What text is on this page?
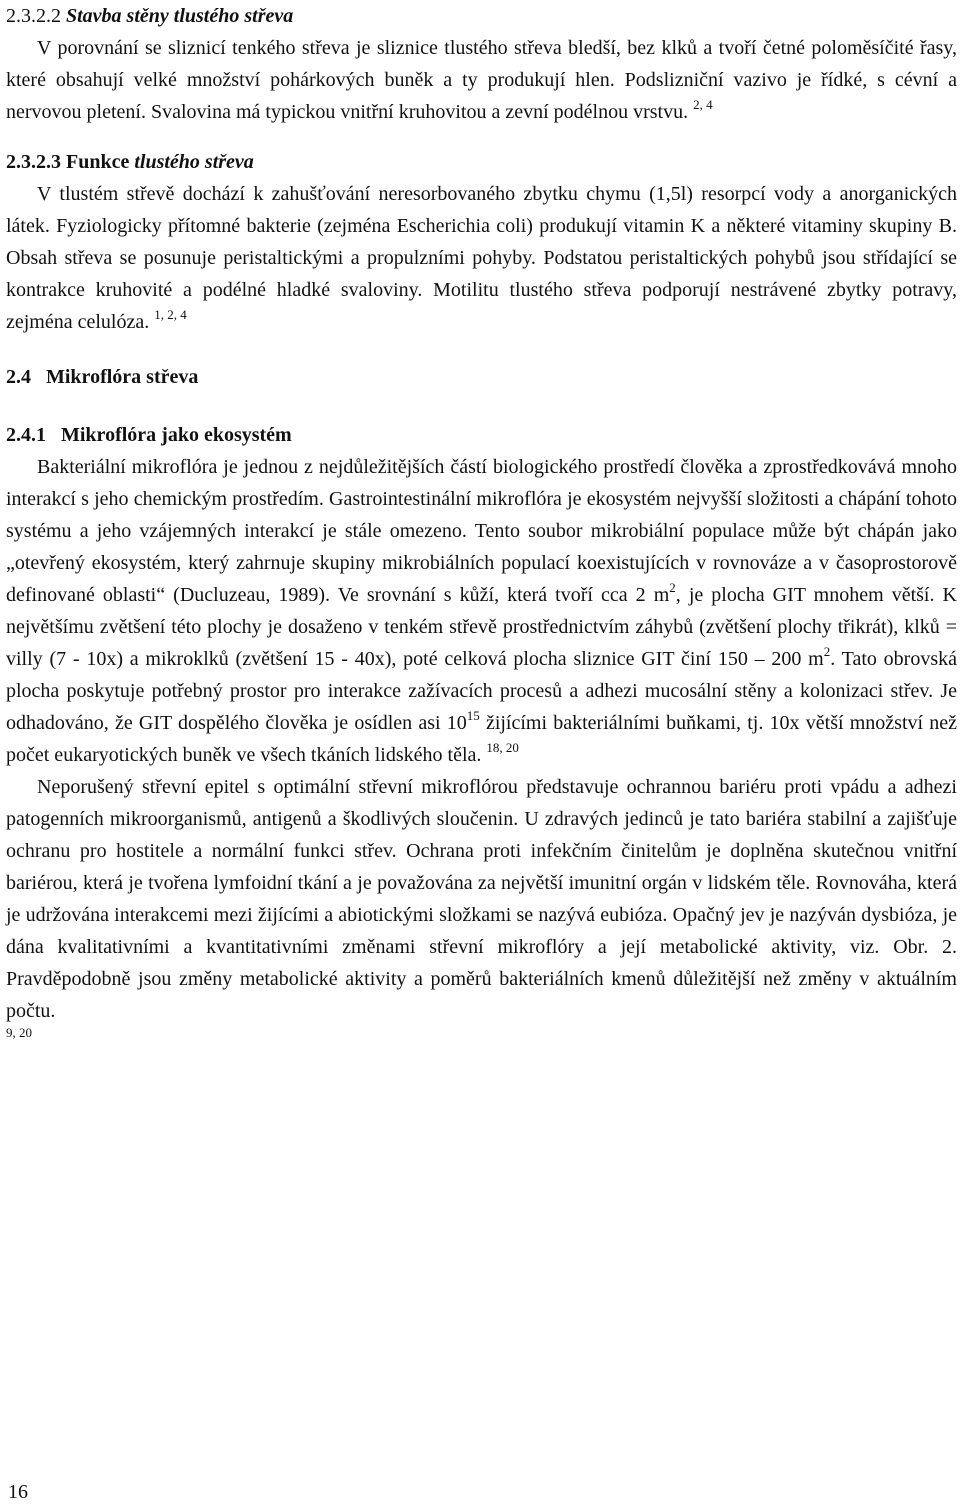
2.3.2.2 Stavba stěny tlustého střeva

V porovnání se sliznicí tenkého střeva je sliznice tlustého střeva bledší, bez klků a tvoří četné poloměsíčité řasy, které obsahují velké množství pohárkových buněk a ty produkují hlen. Podslizniční vazivo je řídké, s cévní a nervovou pletení. Svalovina má typickou vnitřní kruhovitou a zevní podélnou vrstvu. $^{2, 4}$

2.3.2.3 Funkce tlustého střeva

V tlustém střevě dochází k zahušťování neresorbovaného zbytku chymu (1,5l) resorpcí vody a anorganických látek. Fyziologicky přítomné bakterie (zejména Escherichia coli) produkují vitamin K a některé vitaminy skupiny B. Obsah střeva se posunuje peristaltickými a propulzními pohyby. Podstatou peristaltických pohybů jsou střídající se kontrakce kruhovité a podélné hladké svaloviny. Motilitu tlustého střeva podporují nestrávené zbytky potravy, zejména celulóza. $^{1, 2, 4}$

2.4 Mikroflóra střeva
2.4.1 Mikroflóra jako ekosystém

Bakteriální mikroflóra je jednou z nejdůležitějších částí biologického prostředí člověka a zprostředkovává mnoho interakcí s jeho chemickým prostředím. Gastrointestinální mikroflóra je ekosystém nejvyšší složitosti a chápání tohoto systému a jeho vzájemných interakcí je stále omezeno. Tento soubor mikrobiální populace může být chápán jako „otevřený ekosystém, který zahrnuje skupiny mikrobiálních populací koexistujících v rovnováze a v časoprostorově definované oblasti“ (Ducluzeau, 1989). Ve srovnání s kůží, která tvoří cca 2 $m^2$, je plocha GIT mnohem větší. K největšímu zvětšení této plochy je dosaženo v tenkém střevě prostřednictvím záhybů (zvětšení plochy třikrát), klků = villy (7 - 10x) a mikroklků (zvětšení 15 - 40x), poté celková plocha sliznice GIT činí 150 – 200 $m^2$. Tato obrovská plocha poskytuje potřebný prostor pro interakce zažívacích procesů a adhezi mucosální stěny a kolonizaci střev. Je odhadováno, že GIT dospělého člověka je osídlen asi $10^{15}$ žijícími bakteriálními buňkami, tj. 10x větší množství než počet eukaryotických buněk ve všech tkáních lidského těla. $^{18, 20}$

Neporušený střevní epitel s optimální střevní mikroflórou představuje ochrannou bariéru proti vpádu a adhezi patogenních mikroorganismů, antigenů a škodlivých sloučenin. U zdravých jedinců je tato bariéra stabilní a zajišťuje ochranu pro hostitele a normální funkci střev. Ochrana proti infekčním činitelům je doplněna skutečnou vnitřní bariérou, která je tvořena lymfoidní tkání a je považována za největší imunitní orgán v lidském těle. Rovnováha, která je udržována interakcemi mezi žijícími a abiotickými složkami se nazývá eubióza. Opačný jev je nazýván dysbióza, je dána kvalitativními a kvantitativními změnami střevní mikroflóry a její metabolické aktivity, viz. Obr. 2. Pravděpodobně jsou změny metabolické aktivity a poměrů bakteriálních kmenů důležitější než změny v aktuálním počtu.

9, 20

16
